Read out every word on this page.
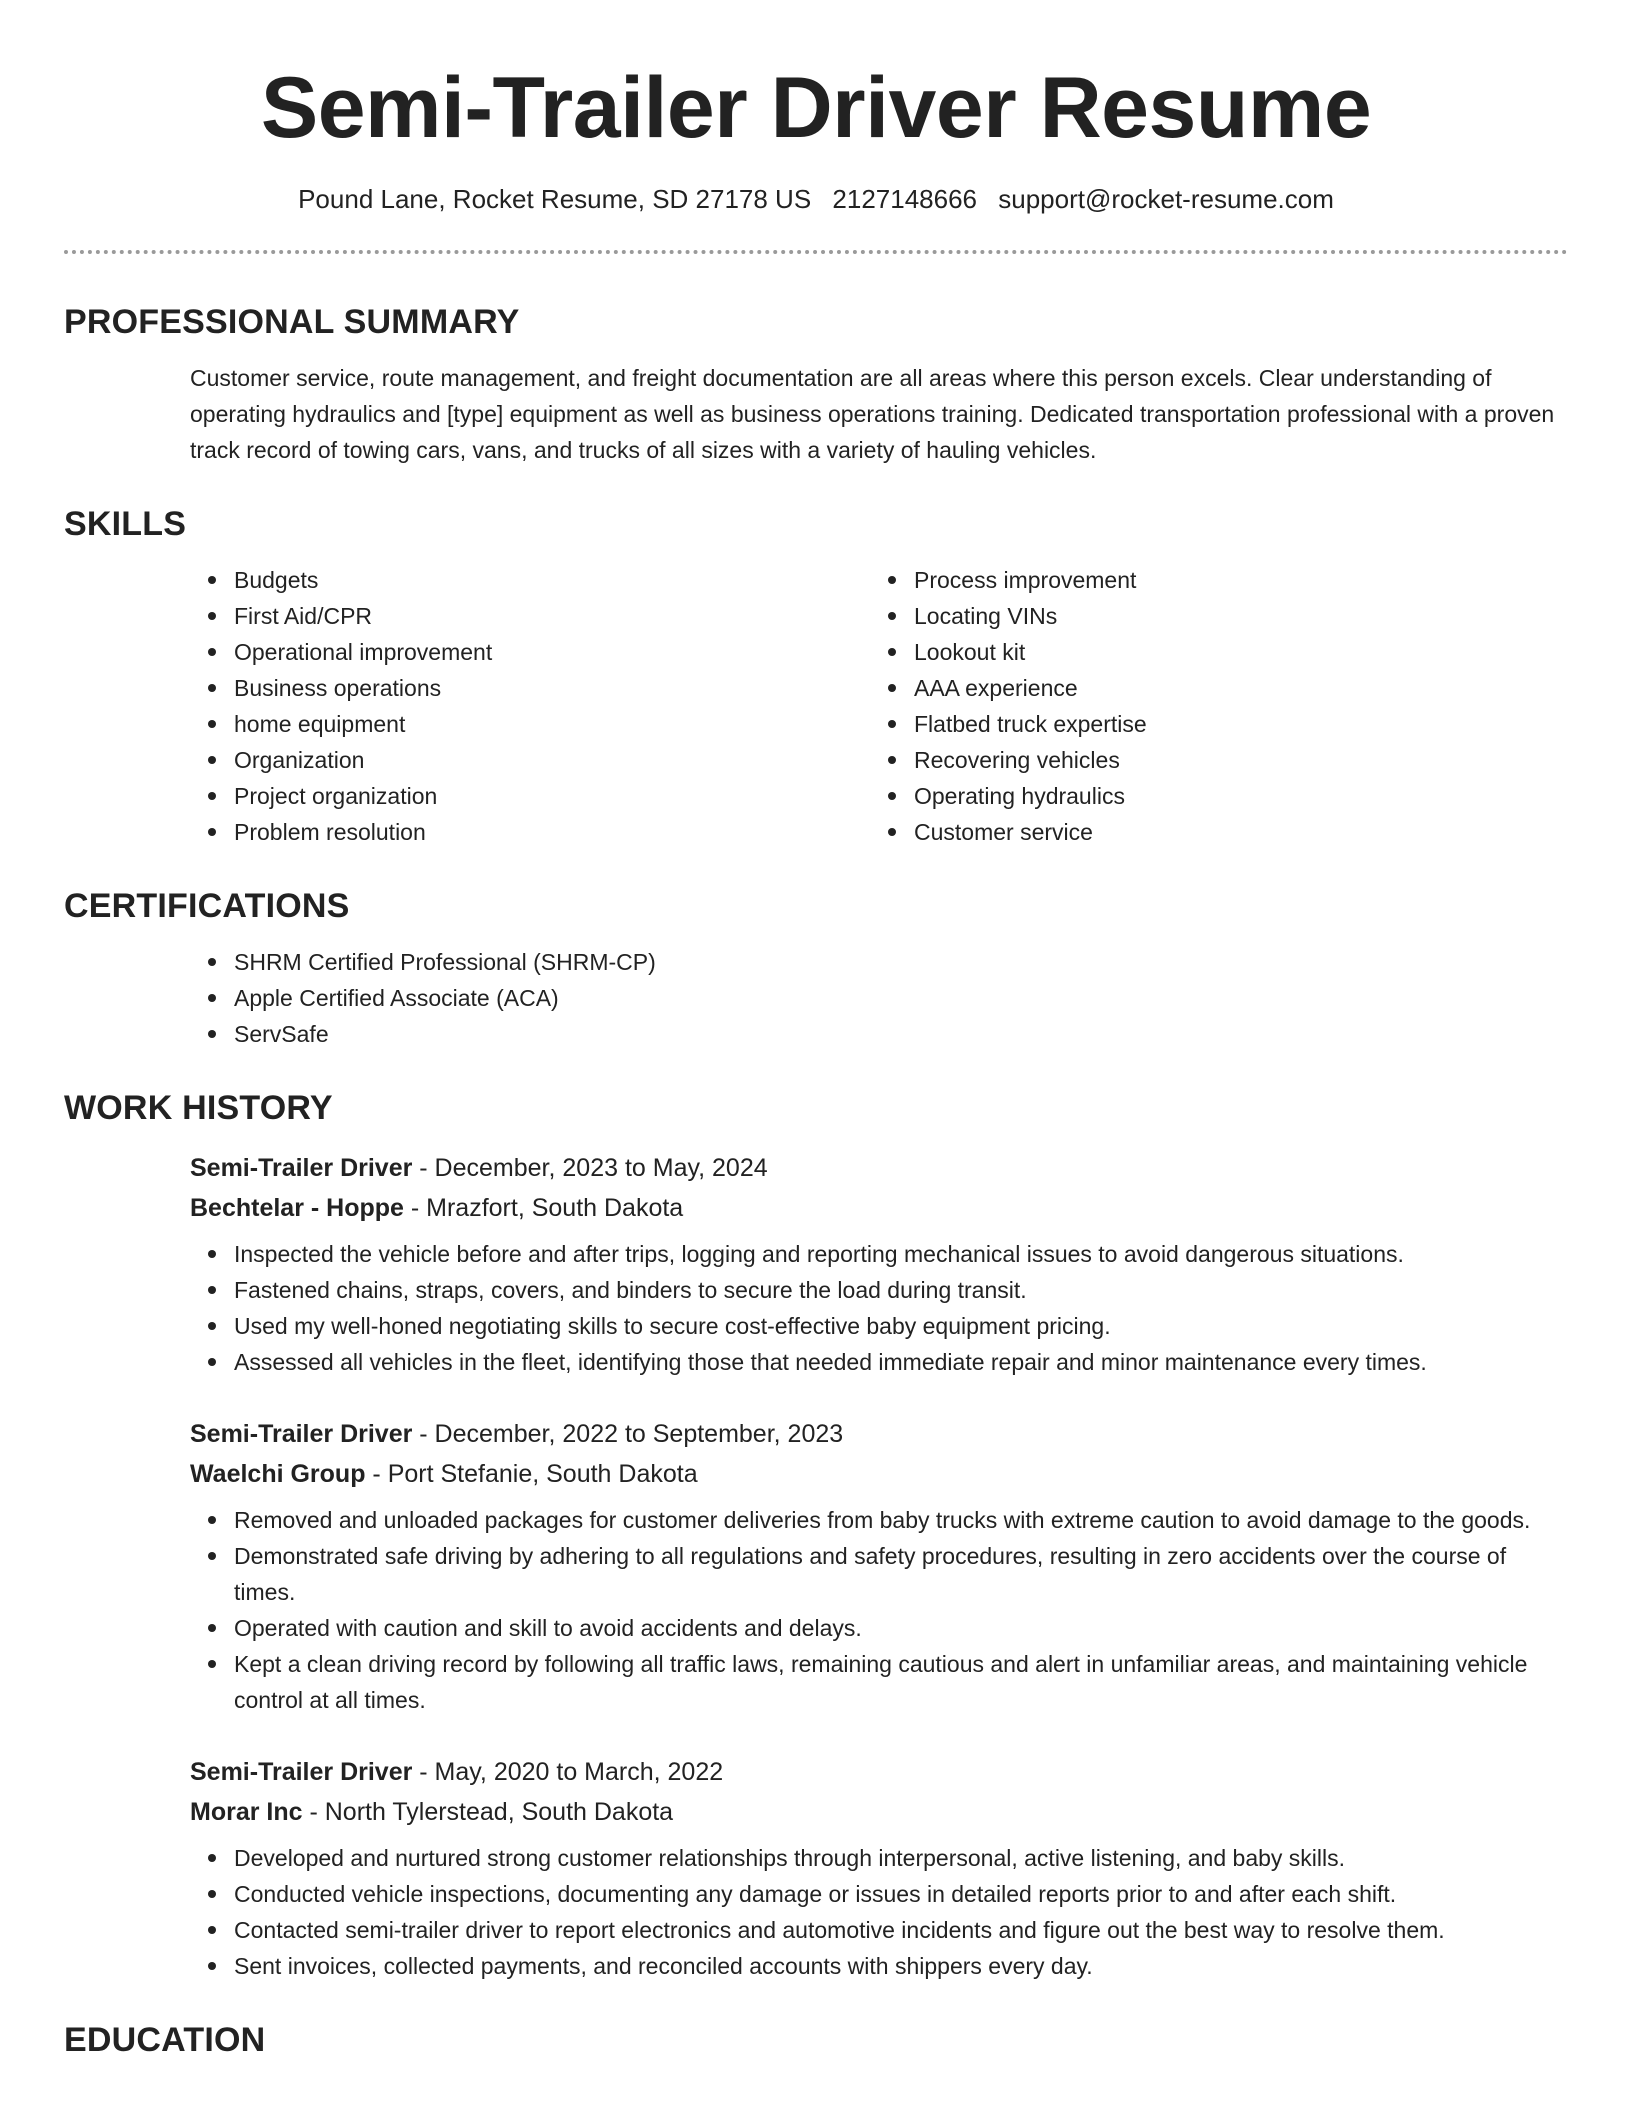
Semi-Trailer Driver Resume
Pound Lane, Rocket Resume, SD 27178 US 2127148666 support@rocket-resume.com
PROFESSIONAL SUMMARY

Customer service, route management, and freight documentation are all areas where this person excels. Clear understanding of operating hydraulics and [type] equipment as well as business operations training. Dedicated transportation professional with a proven track record of towing cars, vans, and trucks of all sizes with a variety of hauling vehicles.

SKILLS
Budgets
First Aid/CPR
Operational improvement
Business operations
home equipment
Organization
Project organization
Problem resolution
Process improvement
Locating VINs
Lookout kit
AAA experience
Flatbed truck expertise
Recovering vehicles
Operating hydraulics
Customer service
CERTIFICATIONS
SHRM Certified Professional (SHRM-CP)
Apple Certified Associate (ACA)
ServSafe
WORK HISTORY
Semi-Trailer Driver - December, 2023 to May, 2024
Bechtelar - Hoppe - Mrazfort, South Dakota
Inspected the vehicle before and after trips, logging and reporting mechanical issues to avoid dangerous situations.
Fastened chains, straps, covers, and binders to secure the load during transit.
Used my well-honed negotiating skills to secure cost-effective baby equipment pricing.
Assessed all vehicles in the fleet, identifying those that needed immediate repair and minor maintenance every times.
Semi-Trailer Driver - December, 2022 to September, 2023
Waelchi Group - Port Stefanie, South Dakota
Removed and unloaded packages for customer deliveries from baby trucks with extreme caution to avoid damage to the goods.
Demonstrated safe driving by adhering to all regulations and safety procedures, resulting in zero accidents over the course of times.
Operated with caution and skill to avoid accidents and delays.
Kept a clean driving record by following all traffic laws, remaining cautious and alert in unfamiliar areas, and maintaining vehicle control at all times.
Semi-Trailer Driver - May, 2020 to March, 2022
Morar Inc - North Tylerstead, South Dakota
Developed and nurtured strong customer relationships through interpersonal, active listening, and baby skills.
Conducted vehicle inspections, documenting any damage or issues in detailed reports prior to and after each shift.
Contacted semi-trailer driver to report electronics and automotive incidents and figure out the best way to resolve them.
Sent invoices, collected payments, and reconciled accounts with shippers every day.
EDUCATION
